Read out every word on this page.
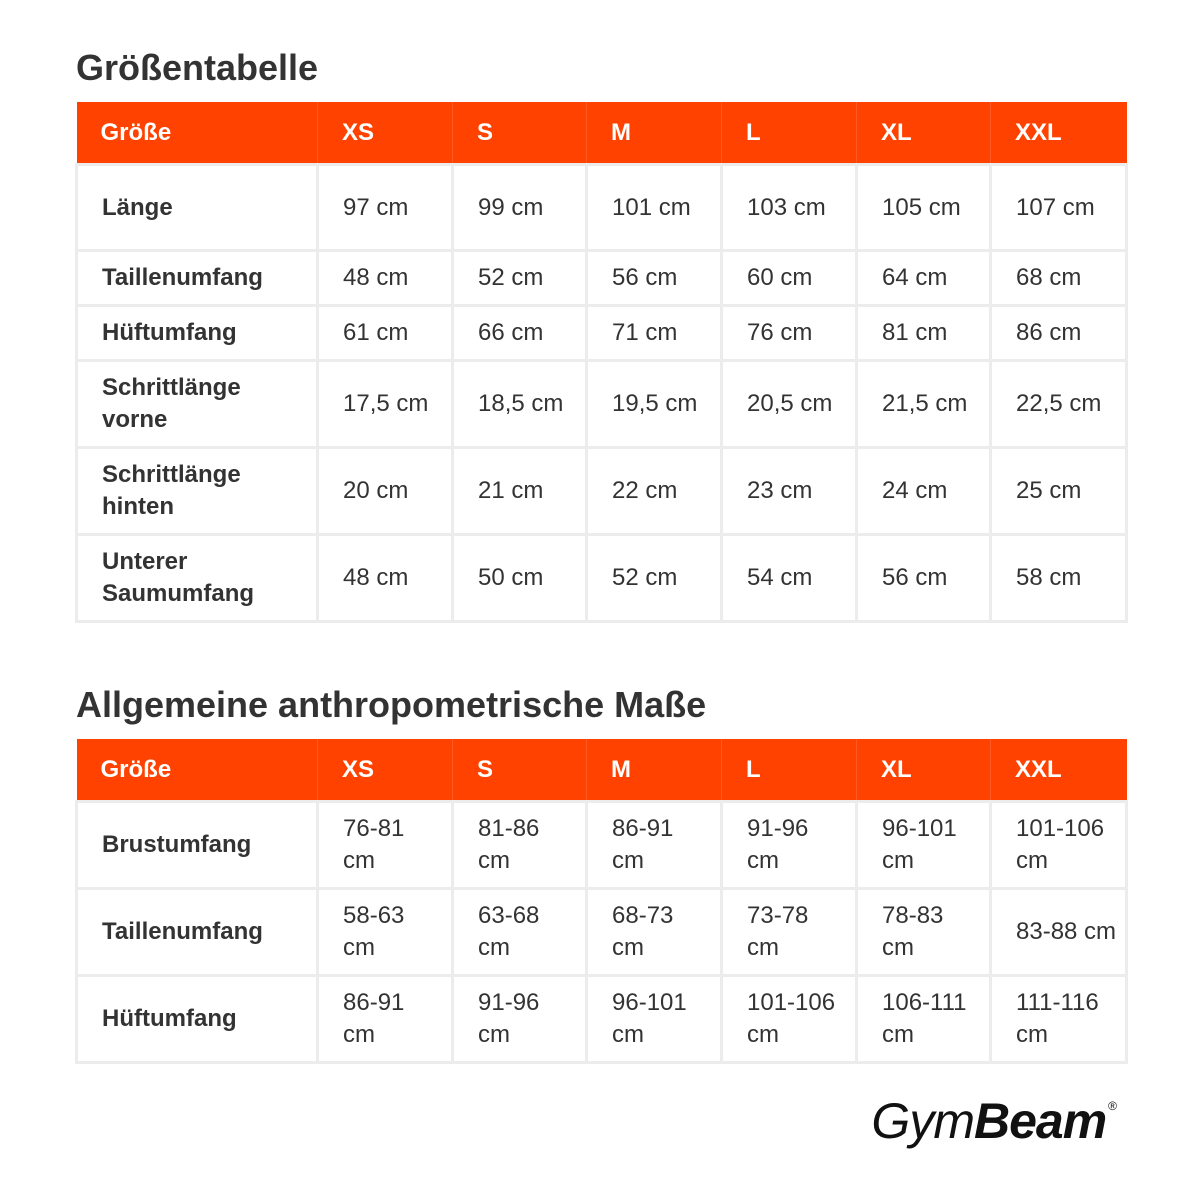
Größentabelle
Größe	XS	S	M	L	XL	XXL
Länge	97 cm	99 cm	101 cm	103 cm	105 cm	107 cm
Taillenumfang	48 cm	52 cm	56 cm	60 cm	64 cm	68 cm
Hüftumfang	61 cm	66 cm	71 cm	76 cm	81 cm	86 cm
Schrittlänge vorne	17,5 cm	18,5 cm	19,5 cm	20,5 cm	21,5 cm	22,5 cm
Schrittlänge hinten	20 cm	21 cm	22 cm	23 cm	24 cm	25 cm
Unterer Saumumfang	48 cm	50 cm	52 cm	54 cm	56 cm	58 cm
Allgemeine anthropometrische Maße
Größe	XS	S	M	L	XL	XXL
Brustumfang	76-81 cm	81-86 cm	86-91 cm	91-96 cm	96-101 cm	101-106 cm
Taillenumfang	58-63 cm	63-68 cm	68-73 cm	73-78 cm	78-83 cm	83-88 cm
Hüftumfang	86-91 cm	91-96 cm	96-101 cm	101-106 cm	106-111 cm	111-116 cm
GymBeam ®
